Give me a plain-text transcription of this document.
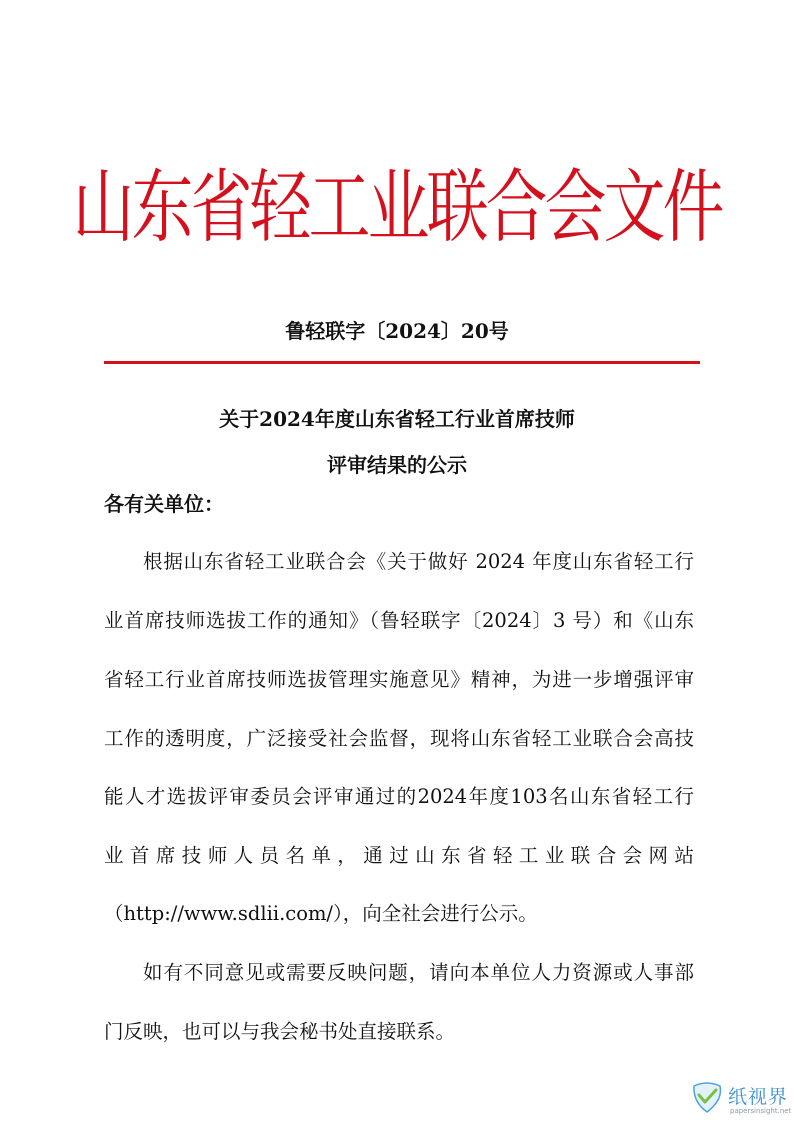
山东省轻工业联合会文件
鲁轻联字〔2024〕20号
关于2024年度山东省轻工行业首席技师
评审结果的公示
各有关单位：
根据山东省轻工业联合会《关于做好 2024 年度山东省轻工行
业首席技师选拔工作的通知》（鲁轻联字〔2024〕3 号）和《山东
省轻工行业首席技师选拔管理实施意见》精神，为进一步增强评审
工作的透明度，广泛接受社会监督，现将山东省轻工业联合会高技
能人才选拔评审委员会评审通过的2024年度103名山东省轻工行
业首席技师人员名单，通过山东省轻工业联合会网站
（http://www.sdlii.com/），向全社会进行公示。
如有不同意见或需要反映问题，请向本单位人力资源或人事部
门反映，也可以与我会秘书处直接联系。
纸视界
papersinsight.net
